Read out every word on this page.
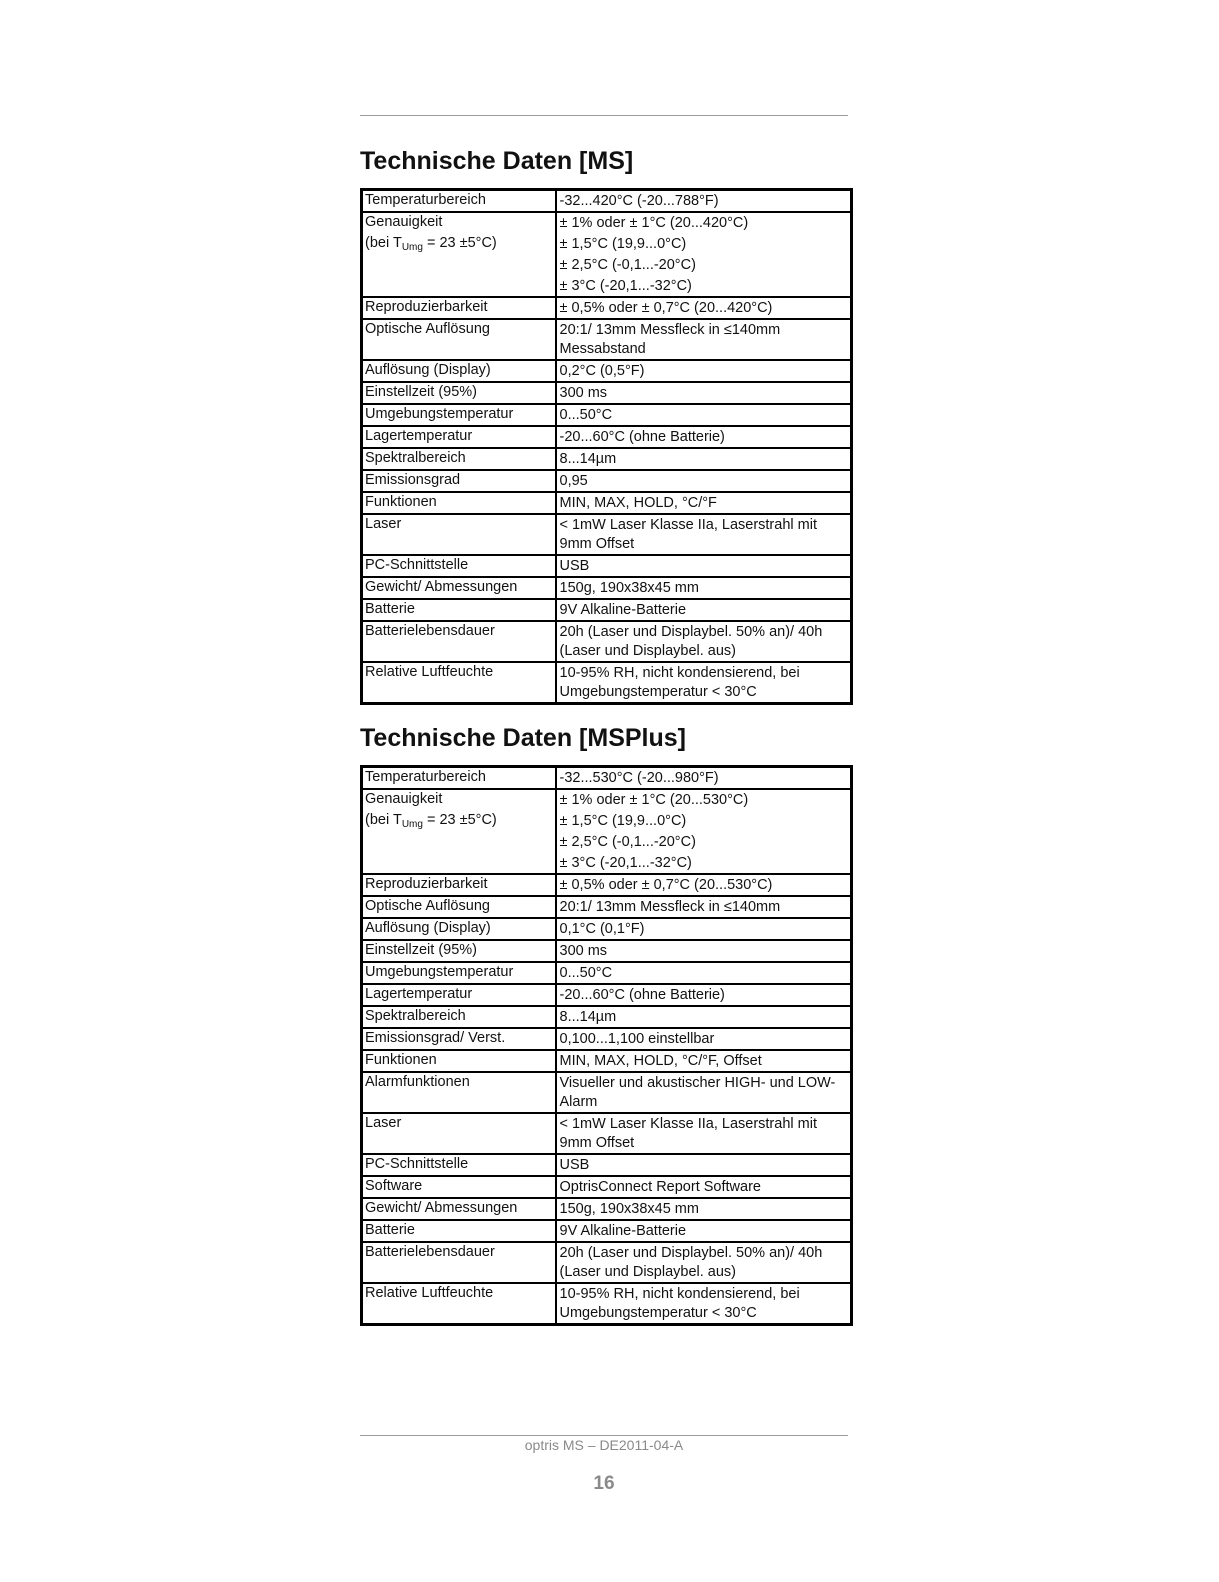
Technische Daten [MS]
Temperaturbereich	-32...420°C (-20...788°F)

Genauigkeit
(bei $T_{Umg} = 23 \pm 5^\circ C$)	± 1% oder ± 1°C (20...420°C)
± 1,5°C (19,9...0°C)
± 2,5°C (-0,1...-20°C)
± 3°C (-20,1...-32°C)

Reproduzierbarkeit	± 0,5% oder ± 0,7°C (20...420°C)

Optische Auflösung	20:1/ 13mm Messfleck in ≤140mm Messabstand

Auflösung (Display)	0,2°C (0,5°F)

Einstellzeit (95%)	300 ms

Umgebungstemperatur	0...50°C

Lagertemperatur	-20...60°C (ohne Batterie)

Spektralbereich	8...14µm

Emissionsgrad	0,95

Funktionen	MIN, MAX, HOLD, °C/°F

Laser	< 1mW Laser Klasse IIa, Laserstrahl mit 9mm Offset

PC-Schnittstelle	USB

Gewicht/ Abmessungen	150g, 190x38x45 mm

Batterie	9V Alkaline-Batterie

Batterielebensdauer	20h (Laser und Displaybel. 50% an)/ 40h (Laser und Displaybel. aus)

Relative Luftfeuchte	10-95% RH, nicht kondensierend, bei Umgebungstemperatur < 30°C
Technische Daten [MSPlus]
Temperaturbereich	-32...530°C (-20...980°F)

Genauigkeit
(bei $T_{Umg} = 23 \pm 5^\circ C$)	± 1% oder ± 1°C (20...530°C)
± 1,5°C (19,9...0°C)
± 2,5°C (-0,1...-20°C)
± 3°C (-20,1...-32°C)

Reproduzierbarkeit	± 0,5% oder ± 0,7°C (20...530°C)

Optische Auflösung	20:1/ 13mm Messfleck in ≤140mm

Auflösung (Display)	0,1°C (0,1°F)

Einstellzeit (95%)	300 ms

Umgebungstemperatur	0...50°C

Lagertemperatur	-20...60°C (ohne Batterie)

Spektralbereich	8...14µm

Emissionsgrad/ Verst.	0,100...1,100 einstellbar

Funktionen	MIN, MAX, HOLD, °C/°F, Offset

Alarmfunktionen	Visueller und akustischer HIGH- und LOW-Alarm

Laser	< 1mW Laser Klasse IIa, Laserstrahl mit 9mm Offset

PC-Schnittstelle	USB

Software	OptrisConnect Report Software

Gewicht/ Abmessungen	150g, 190x38x45 mm

Batterie	9V Alkaline-Batterie

Batterielebensdauer	20h (Laser und Displaybel. 50% an)/ 40h (Laser und Displaybel. aus)

Relative Luftfeuchte	10-95% RH, nicht kondensierend, bei Umgebungstemperatur < 30°C
optris MS – DE2011-04-A
16
